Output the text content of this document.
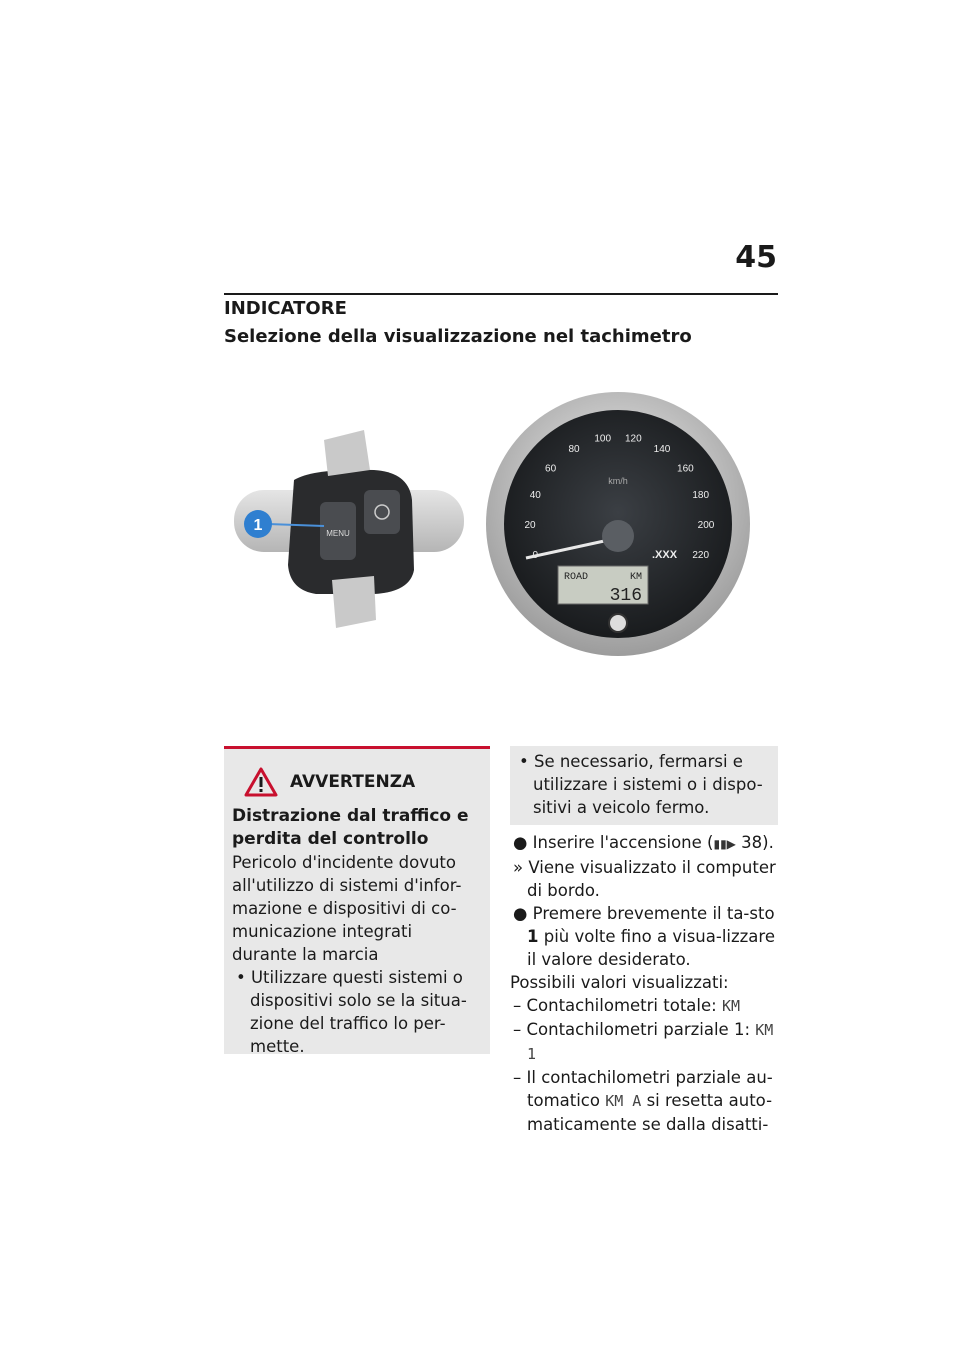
45
INDICATORE
Selezione della visualizzazione nel tachimetro
MENU
1	20
40
60
80
100 120
140
160
180
200
220
km/h
.XXX
ROAD	KM
316
AVVERTENZA
Distrazione dal traffico e
perdita del controllo
Pericolo d'incidente dovuto all'utilizzo di sistemi d'infor-mazione e dispositivi di co-municazione integrati durante la marcia
• Utilizzare questi sistemi o dispositivi solo se la situa-zione del traffico lo per-mette.
• Se necessario, fermarsi e utilizzare i sistemi o i dispo-sitivi a veicolo fermo.
● Inserire l'accensione (▮▮▶ 38).
» Viene visualizzato il computer di bordo.
● Premere brevemente il ta-sto 1 più volte fino a visua-lizzare il valore desiderato.
Possibili valori visualizzati:
– Contachilometri totale: KM
– Contachilometri parziale 1: KM 1
– Il contachilometri parziale au-tomatico KM A si resetta auto-maticamente se dalla disatti-
